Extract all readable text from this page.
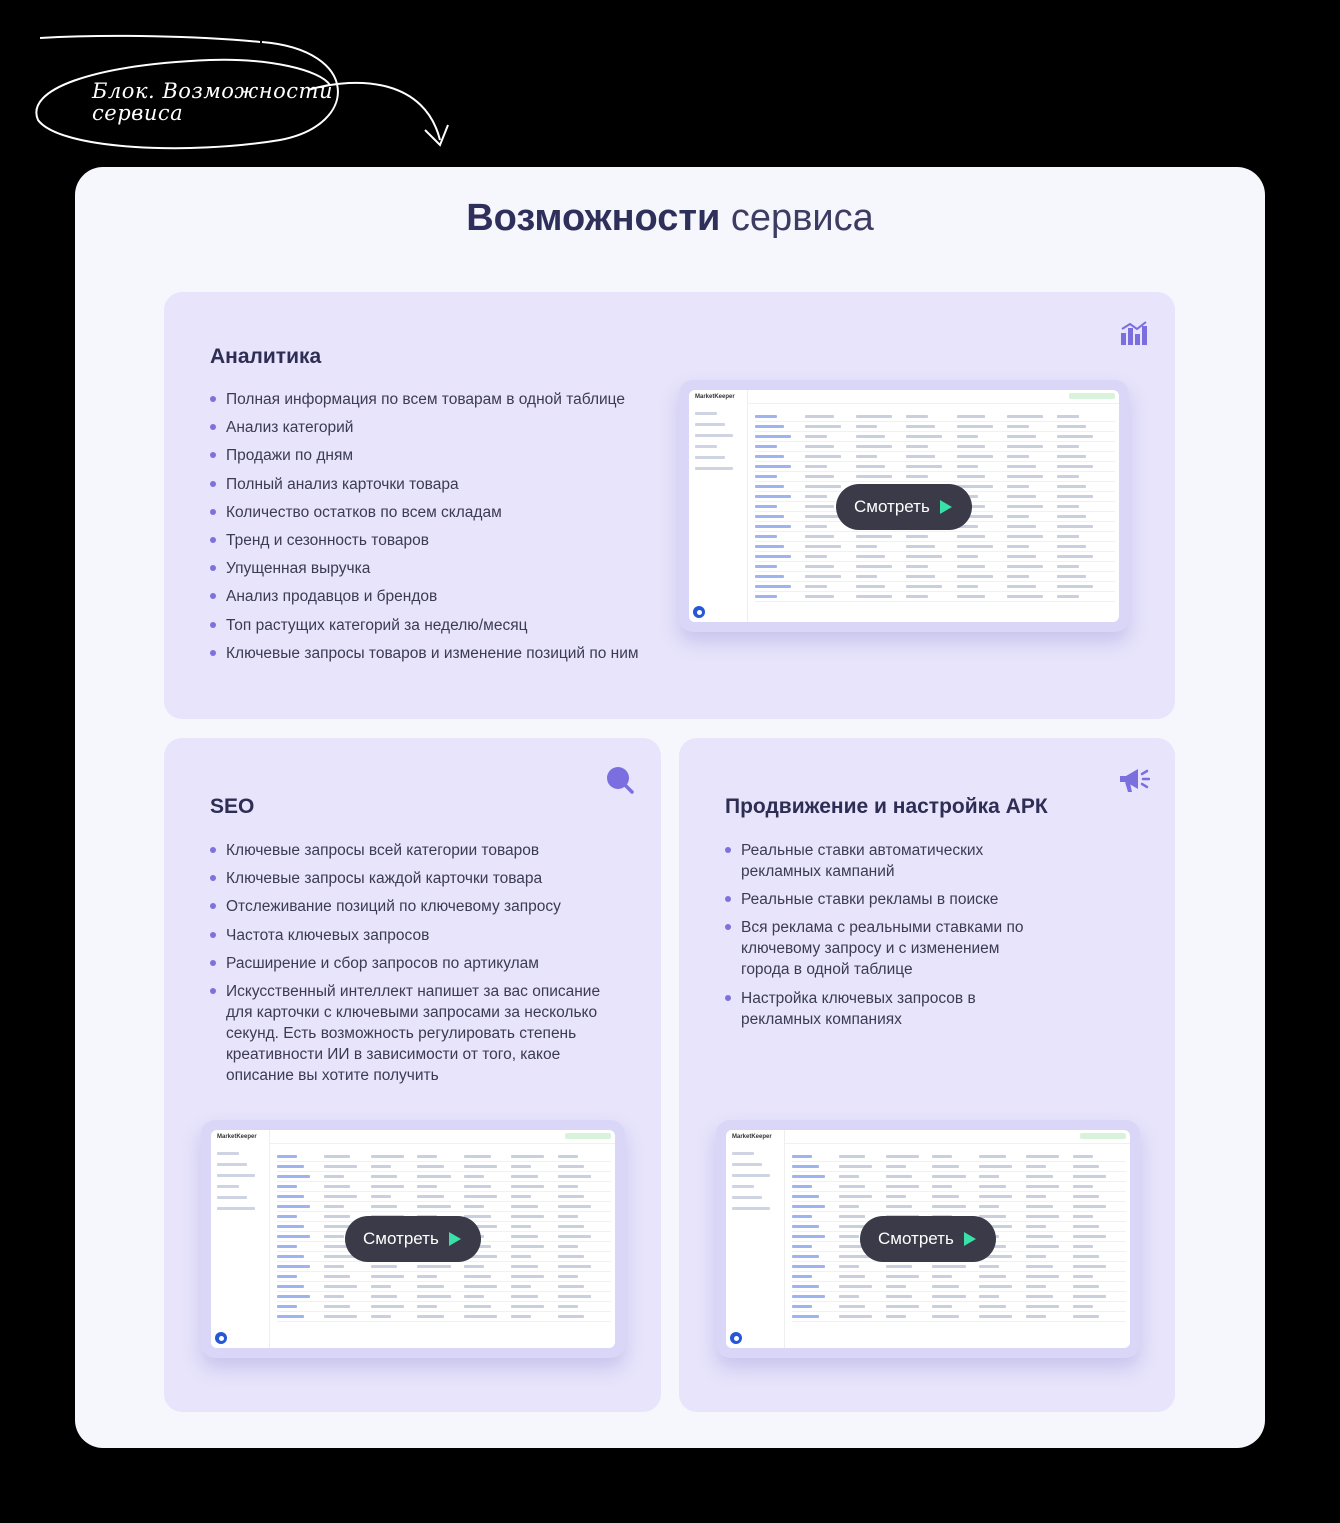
Блок. Возможности
сервиса
Возможности сервиса
Аналитика
Полная информация по всем товарам в одной таблице
Анализ категорий
Продажи по дням
Полный анализ карточки товара
Количество остатков по всем складам
Тренд и сезонность товаров
Упущенная выручка
Анализ продавцов и брендов
Топ растущих категорий за неделю/месяц
Ключевые запросы товаров и изменение позиций по ним
MarketKeeper
Смотреть
SEO
Ключевые запросы всей категории товаров
Ключевые запросы каждой карточки товара
Отслеживание позиций по ключевому запросу
Частота ключевых запросов
Расширение и сбор запросов по артикулам
Искусственный интеллект напишет за вас описание для карточки с ключевыми запросами за несколько секунд. Есть возможность регулировать степень креативности ИИ в зависимости от того, какое описание вы хотите получить
MarketKeeper
Смотреть
Продвижение и настройка АРК
Реальные ставки автоматических рекламных кампаний
Реальные ставки рекламы в поиске
Вся реклама с реальными ставками по ключевому запросу и с изменением города в одной таблице
Настройка ключевых запросов в рекламных компаниях
MarketKeeper
Смотреть
